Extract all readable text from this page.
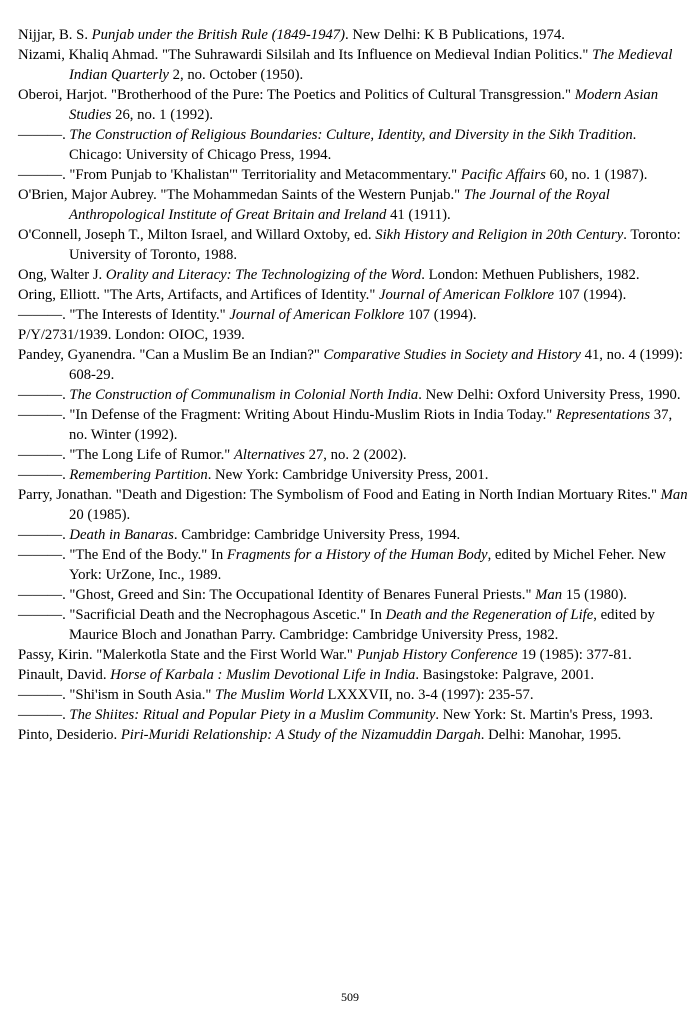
Nijjar, B. S. Punjab under the British Rule (1849-1947). New Delhi: K B Publications, 1974.
Nizami, Khaliq Ahmad. "The Suhrawardi Silsilah and Its Influence on Medieval Indian Politics." The Medieval Indian Quarterly 2, no. October (1950).
Oberoi, Harjot. "Brotherhood of the Pure: The Poetics and Politics of Cultural Transgression." Modern Asian Studies 26, no. 1 (1992).
———. The Construction of Religious Boundaries: Culture, Identity, and Diversity in the Sikh Tradition. Chicago: University of Chicago Press, 1994.
———. "From Punjab to 'Khalistan'" Territoriality and Metacommentary." Pacific Affairs 60, no. 1 (1987).
O'Brien, Major Aubrey. "The Mohammedan Saints of the Western Punjab." The Journal of the Royal Anthropological Institute of Great Britain and Ireland 41 (1911).
O'Connell, Joseph T., Milton Israel, and Willard Oxtoby, ed. Sikh History and Religion in 20th Century. Toronto: University of Toronto, 1988.
Ong, Walter J. Orality and Literacy: The Technologizing of the Word. London: Methuen Publishers, 1982.
Oring, Elliott. "The Arts, Artifacts, and Artifices of Identity." Journal of American Folklore 107 (1994).
———. "The Interests of Identity." Journal of American Folklore 107 (1994).
P/Y/2731/1939. London: OIOC, 1939.
Pandey, Gyanendra. "Can a Muslim Be an Indian?" Comparative Studies in Society and History 41, no. 4 (1999): 608-29.
———. The Construction of Communalism in Colonial North India. New Delhi: Oxford University Press, 1990.
———. "In Defense of the Fragment: Writing About Hindu-Muslim Riots in India Today." Representations 37, no. Winter (1992).
———. "The Long Life of Rumor." Alternatives 27, no. 2 (2002).
———. Remembering Partition. New York: Cambridge University Press, 2001.
Parry, Jonathan. "Death and Digestion: The Symbolism of Food and Eating in North Indian Mortuary Rites." Man 20 (1985).
———. Death in Banaras. Cambridge: Cambridge University Press, 1994.
———. "The End of the Body." In Fragments for a History of the Human Body, edited by Michel Feher. New York: UrZone, Inc., 1989.
———. "Ghost, Greed and Sin: The Occupational Identity of Benares Funeral Priests." Man 15 (1980).
———. "Sacrificial Death and the Necrophagous Ascetic." In Death and the Regeneration of Life, edited by Maurice Bloch and Jonathan Parry. Cambridge: Cambridge University Press, 1982.
Passy, Kirin. "Malerkotla State and the First World War." Punjab History Conference 19 (1985): 377-81.
Pinault, David. Horse of Karbala : Muslim Devotional Life in India. Basingstoke: Palgrave, 2001.
———. "Shi'ism in South Asia." The Muslim World LXXXVII, no. 3-4 (1997): 235-57.
———. The Shiites: Ritual and Popular Piety in a Muslim Community. New York: St. Martin's Press, 1993.
Pinto, Desiderio. Piri-Muridi Relationship: A Study of the Nizamuddin Dargah. Delhi: Manohar, 1995.
509
